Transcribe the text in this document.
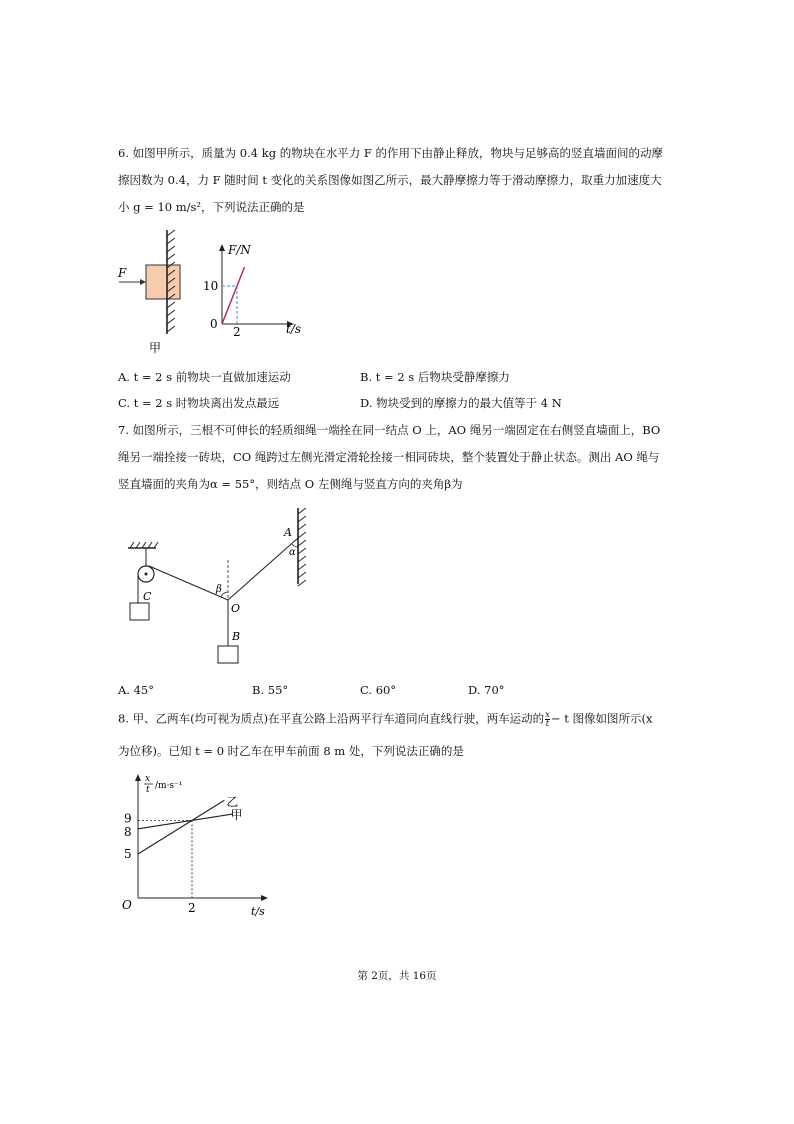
6. 如图甲所示，质量为 0.4 kg 的物块在水平力 F 的作用下由静止释放，物块与足够高的竖直墙面间的动摩
擦因数为 0.4，力 F 随时间 t 变化的关系图像如图乙所示，最大静摩擦力等于滑动摩擦力，取重力加速度大
小 g = 10 m/s²，下列说法正确的是
F
甲
F/N
t/s
0
10
2
A. t = 2 s 前物块一直做加速运动	B. t = 2 s 后物块受静摩擦力
C. t = 2 s 时物块离出发点最远	D. 物块受到的摩擦力的最大值等于 4 N
7. 如图所示，三根不可伸长的轻质细绳一端拴在同一结点 O 上，AO 绳另一端固定在右侧竖直墙面上，BO
绳另一端拴接一砖块，CO 绳跨过左侧光滑定滑轮拴接一相同砖块，整个装置处于静止状态。测出 AO 绳与
竖直墙面的夹角为α = 55°，则结点 O 左侧绳与竖直方向的夹角β为
C
A
α
β
O
B
A. 45°	B. 55°	C. 60°	D. 70°
8. 甲、乙两车(均可视为质点)在平直公路上沿两平行车道同向直线行驶，两车运动的 $\frac{x}{t} - t$ 图像如图所示(x
为位移)。已知 t = 0 时乙车在甲车前面 8 m 处，下列说法正确的是
x
t /m·s⁻¹
t/s
O
9
8
5
2
乙
甲
第 2页，共 16页
